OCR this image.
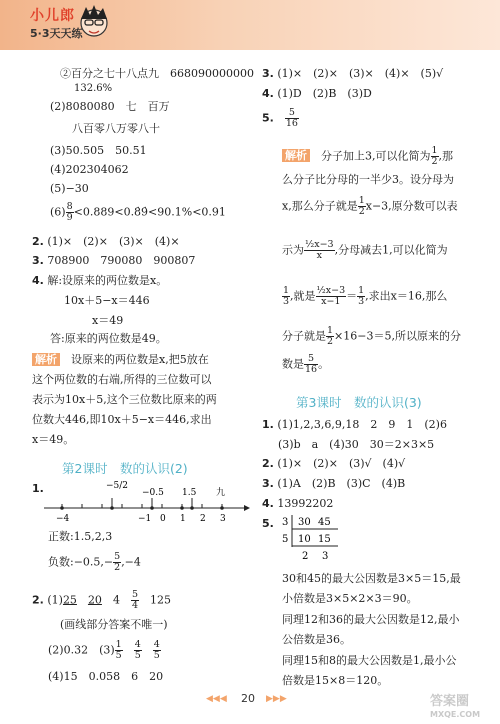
小儿郎
5·3天天练
②百分之七十八点九　668090000000
132.6%
(2)8080080　七　百万
八百零八万零八十
(3)50.505　50.51
(4)202304062
(5)−30
$(6) \frac{8}{9}$ <0.889<0.8̇9̇<90.1%<0.91
2. (1)×　(2)×　(3)×　(4)×
3. 708900　790080　900807
4. 解:设原来的两位数是x。
10x＋5−x＝446
x＝49
答:原来的两位数是49。
解析　 设原来的两位数是x,把5放在
这个两位数的右端,所得的三位数可以
表示为10x＋5,这个三位数比原来的两
位数大446,即10x＋5−x＝446,求出
x＝49。
第2课时　数的认识(2)
1.	−5/2
−0.5 1.5 九
−4	−1 0 1 2 3
正数:1.5,2,3
负数:−0.5,− $\frac{5}{2} ,-4$
2. (1)25　 20　 4　 $\frac{5}{4}$
　 125
(画线部分答案不唯一)
(2)0.32　$(3) \frac{1}{5}$
　 $\frac{4}{5}$
　 $\frac{4}{5}$
(4)15　0.058　6　20
3. (1)×　(2)×　(3)×　(4)×　(5)√
4. (1)D　(2)B　(3)D
5.　 $\frac{5}{16}$
解析　 分子加上3,可以化简为 $\frac{1}{2}$ ,那
么分子比分母的一半少3。设分母为
x,那么分子就是 $\frac{1}{2} x-3$,原分数可以表
示为 $\frac{\text{½x−3}}{x}$ ,分母减去1,可以化简为
$\frac{1}{3}$ ,就是 $\frac{\text{½x−3}}{x-1} = \frac{1}{3}$ ,求出x＝16,那么
分子就是 $\frac{1}{2} \times 16-3=5$,所以原来的分
数是 $\frac{5}{16}$ 。
第3课时　数的认识(3)
1. (1)1,2,3,6,9,18　2　9　1　(2)6
(3)b　a　(4)30　30＝2×3×5
2. (1)×　(2)×　(3)√　(4)√
3. (1)A　(2)B　(3)C　(4)B
4. 13992202
5. 3 30 45
5 10 15
2 3
30和45的最大公因数是3×5＝15,最
小倍数是3×5×2×3＝90。
同理12和36的最大公因数是12,最小
公倍数是36。
同理15和8的最大公因数是1,最小公
倍数是15×8＝120。
◀◀◀ 20 ▶▶▶	答案圈
MXQE.COM
